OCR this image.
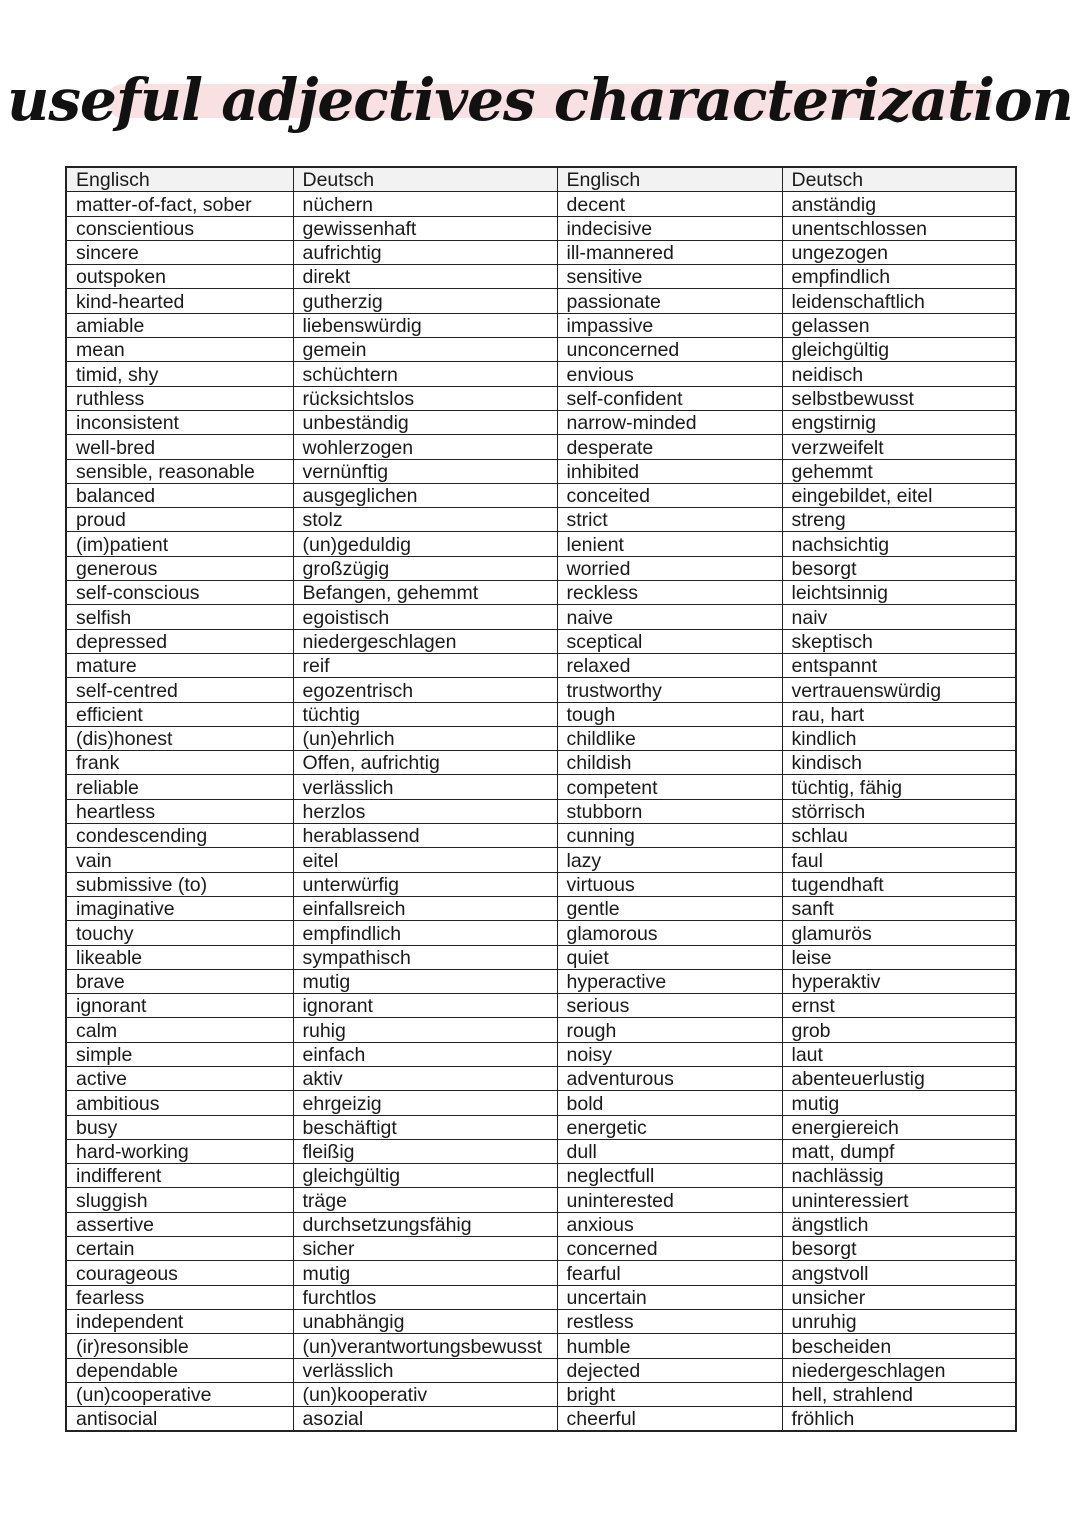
useful adjectives characterization
Englisch	Deutsch	Englisch	Deutsch
matter-of-fact, sober	nüchern	decent	anständig
conscientious	gewissenhaft	indecisive	unentschlossen
sincere	aufrichtig	ill-mannered	ungezogen
outspoken	direkt	sensitive	empfindlich
kind-hearted	gutherzig	passionate	leidenschaftlich
amiable	liebenswürdig	impassive	gelassen
mean	gemein	unconcerned	gleichgültig
timid, shy	schüchtern	envious	neidisch
ruthless	rücksichtslos	self-confident	selbstbewusst
inconsistent	unbeständig	narrow-minded	engstirnig
well-bred	wohlerzogen	desperate	verzweifelt
sensible, reasonable	vernünftig	inhibited	gehemmt
balanced	ausgeglichen	conceited	eingebildet, eitel
proud	stolz	strict	streng
(im)patient	(un)geduldig	lenient	nachsichtig
generous	großzügig	worried	besorgt
self-conscious	Befangen, gehemmt	reckless	leichtsinnig
selfish	egoistisch	naive	naiv
depressed	niedergeschlagen	sceptical	skeptisch
mature	reif	relaxed	entspannt
self-centred	egozentrisch	trustworthy	vertrauenswürdig
efficient	tüchtig	tough	rau, hart
(dis)honest	(un)ehrlich	childlike	kindlich
frank	Offen, aufrichtig	childish	kindisch
reliable	verlässlich	competent	tüchtig, fähig
heartless	herzlos	stubborn	störrisch
condescending	herablassend	cunning	schlau
vain	eitel	lazy	faul
submissive (to)	unterwürfig	virtuous	tugendhaft
imaginative	einfallsreich	gentle	sanft
touchy	empfindlich	glamorous	glamurös
likeable	sympathisch	quiet	leise
brave	mutig	hyperactive	hyperaktiv
ignorant	ignorant	serious	ernst
calm	ruhig	rough	grob
simple	einfach	noisy	laut
active	aktiv	adventurous	abenteuerlustig
ambitious	ehrgeizig	bold	mutig
busy	beschäftigt	energetic	energiereich
hard-working	fleißig	dull	matt, dumpf
indifferent	gleichgültig	neglectfull	nachlässig
sluggish	träge	uninterested	uninteressiert
assertive	durchsetzungsfähig	anxious	ängstlich
certain	sicher	concerned	besorgt
courageous	mutig	fearful	angstvoll
fearless	furchtlos	uncertain	unsicher
independent	unabhängig	restless	unruhig
(ir)resonsible	(un)verantwortungsbewusst	humble	bescheiden
dependable	verlässlich	dejected	niedergeschlagen
(un)cooperative	(un)kooperativ	bright	hell, strahlend
antisocial	asozial	cheerful	fröhlich
